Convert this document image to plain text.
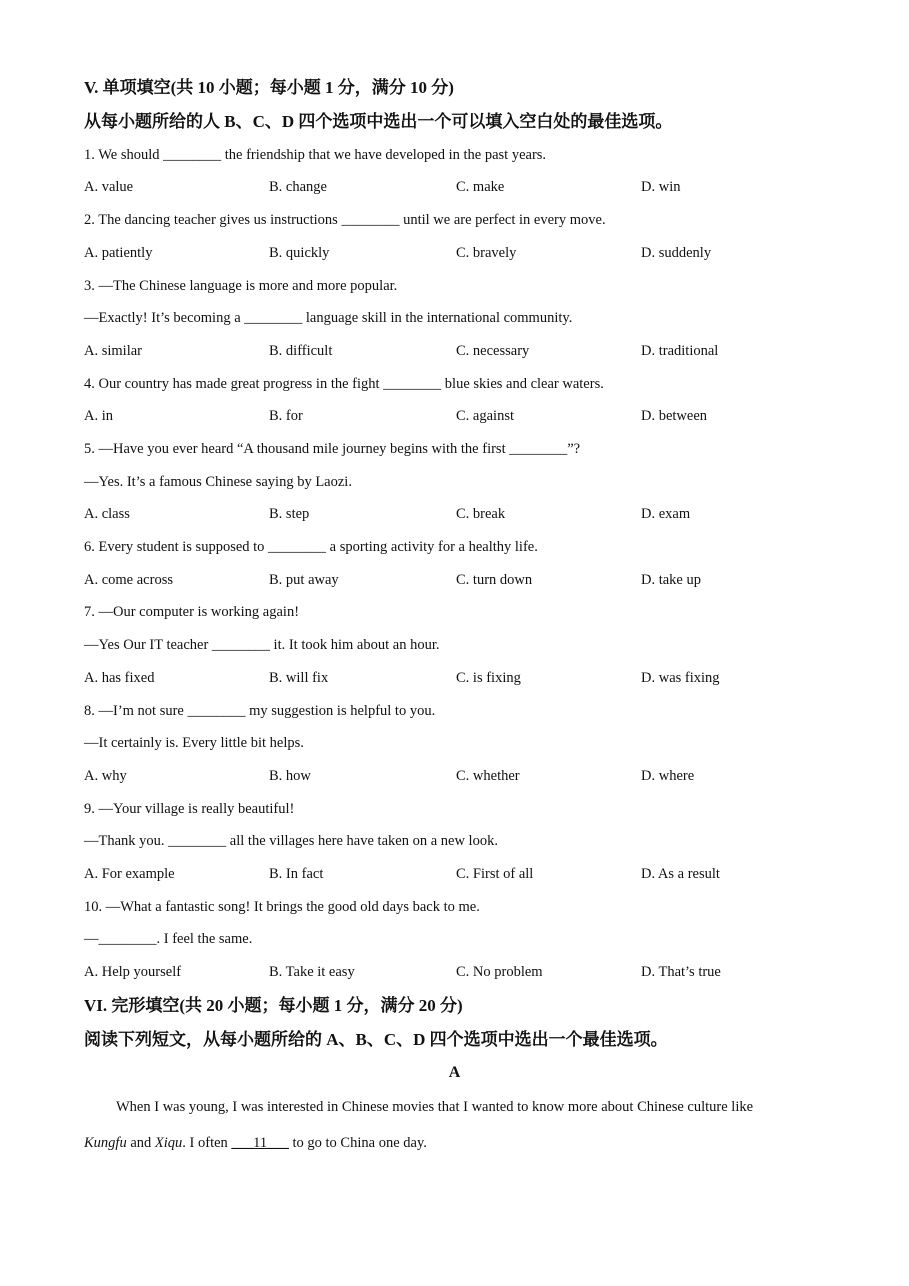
V. 单项填空(共 10 小题；每小题 1 分，满分 10 分)
从每小题所给的人 B、C、D 四个选项中选出一个可以填入空白处的最佳选项。
1. We should ________ the friendship that we have developed in the past years.
A. value	B. change	C. make	D. win
2. The dancing teacher gives us instructions ________ until we are perfect in every move.
A. patiently	B. quickly	C. bravely	D. suddenly
3. —The Chinese language is more and more popular.
—Exactly! It’s becoming a ________ language skill in the international community.
A. similar	B. difficult	C. necessary	D. traditional
4. Our country has made great progress in the fight ________ blue skies and clear waters.
A. in	B. for	C. against	D. between
5. —Have you ever heard “A thousand mile journey begins with the first ________”?
—Yes. It’s a famous Chinese saying by Laozi.
A. class	B. step	C. break	D. exam
6. Every student is supposed to ________ a sporting activity for a healthy life.
A. come across	B. put away	C. turn down	D. take up
7. —Our computer is working again!
—Yes Our IT teacher ________ it. It took him about an hour.
A. has fixed	B. will fix	C. is fixing	D. was fixing
8. —I’m not sure ________ my suggestion is helpful to you.
—It certainly is. Every little bit helps.
A. why	B. how	C. whether	D. where
9. —Your village is really beautiful!
—Thank you. ________ all the villages here have taken on a new look.
A. For example	B. In fact	C. First of all	D. As a result
10. —What a fantastic song! It brings the good old days back to me.
—________. I feel the same.
A. Help yourself	B. Take it easy	C. No problem	D. That’s true
VI. 完形填空(共 20 小题；每小题 1 分，满分 20 分)
阅读下列短文，从每小题所给的 A、B、C、D 四个选项中选出一个最佳选项。
A
When I was young, I was interested in Chinese movies that I wanted to know more about Chinese culture like
Kungfu and Xiqu. I often ___11___ to go to China one day.
